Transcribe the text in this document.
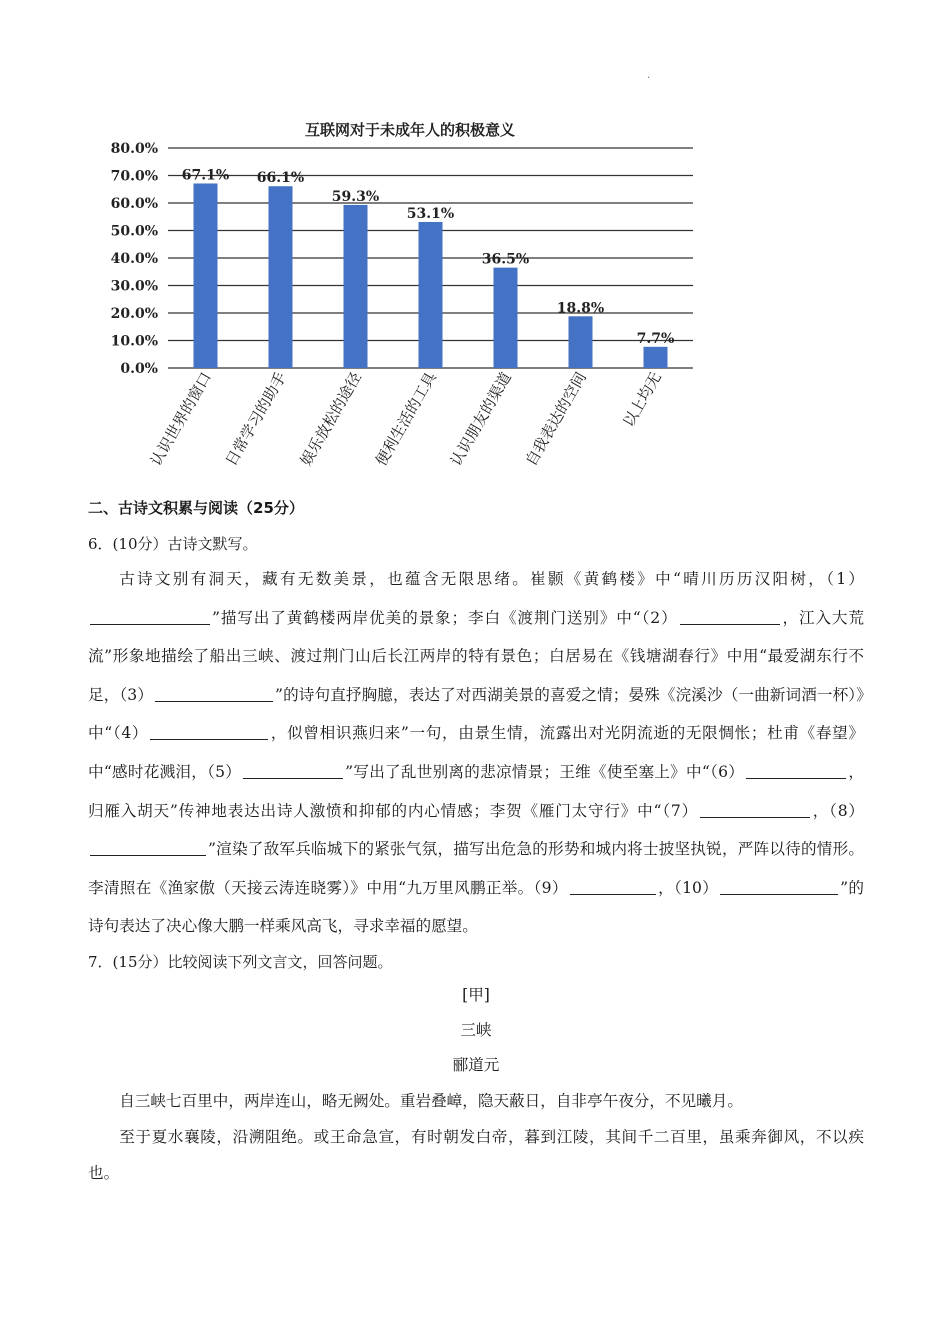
.
互联网对于未成年人的积极意义
0.0%
10.0%
20.0%
30.0%
40.0%
50.0%
60.0%
70.0%
80.0%
67.1%
认识世界的窗口
66.1%
日常学习的助手
59.3%
娱乐放松的途径
53.1%
便利生活的工具
36.5%
认识朋友的渠道
18.8%
自我表达的空间
7.7%
以上均无
二、古诗文积累与阅读（25分）
6．(10分）古诗文默写。
古诗文别有洞天，藏有无数美景，也蕴含无限思绪。崔颢《黄鹤楼》中“晴川历历汉阳树，（1）”描写出了黄鹤楼两岸优美的景象；李白《渡荆门送别》中“（2）	，江入大荒流”形象地描绘了船出三峡、渡过荆门山后长江两岸的特有景色；白居易在《钱塘湖春行》中用“最爱湖东行不足，（3）	”的诗句直抒胸臆，表达了对西湖美景的喜爱之情；晏殊《浣溪沙（一曲新词酒一杯）》中“（4）	，似曾相识燕归来”一句，由景生情，流露出对光阴流逝的无限惆怅；杜甫《春望》中“感时花溅泪，（5）	”写出了乱世别离的悲凉情景；王维《使至塞上》中“（6）	，归雁入胡天”传神地表达出诗人激愤和抑郁的内心情感；李贺《雁门太守行》中“（7）	，（8）”渲染了敌军兵临城下的紧张气氛，描写出危急的形势和城内将士披坚执锐，严阵以待的情形。李清照在《渔家傲（天接云涛连晓雾）》中用“九万里风鹏正举。（9）	，（10）	”的诗句表达了决心像大鹏一样乘风高飞，寻求幸福的愿望。
7．(15分）比较阅读下列文言文，回答问题。
[甲]
三峡
郦道元
自三峡七百里中，两岸连山，略无阙处。重岩叠嶂，隐天蔽日，自非亭午夜分，不见曦月。
至于夏水襄陵，沿溯阻绝。或王命急宣，有时朝发白帝，暮到江陵，其间千二百里，虽乘奔御风，不以疾也。
